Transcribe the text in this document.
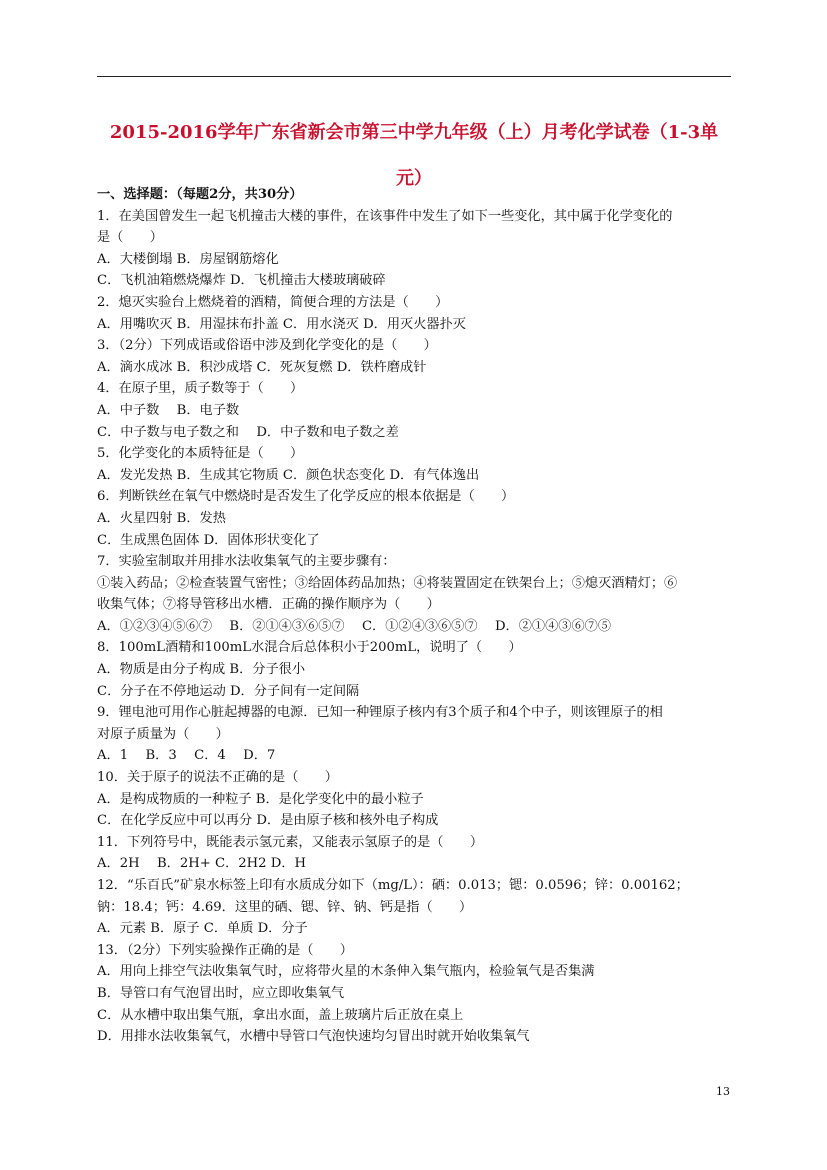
2015-2016学年广东省新会市第三中学九年级（上）月考化学试卷（1-3单元）
一、选择题：（每题2分，共30分）
1．在美国曾发生一起飞机撞击大楼的事件，在该事件中发生了如下一些变化，其中属于化学变化的
是（　　）
A．大楼倒塌 B．房屋钢筋熔化
C．飞机油箱燃烧爆炸 D．飞机撞击大楼玻璃破碎
2．熄灭实验台上燃烧着的酒精，简便合理的方法是（　　）
A．用嘴吹灭 B．用湿抹布扑盖 C．用水浇灭 D．用灭火器扑灭
3．（2分）下列成语或俗语中涉及到化学变化的是（　　）
A．滴水成冰 B．积沙成塔 C．死灰复燃 D．铁杵磨成针
4．在原子里，质子数等于（　　）
A．中子数　 B．电子数
C．中子数与电子数之和　 D．中子数和电子数之差
5．化学变化的本质特征是（　　）
A．发光发热 B．生成其它物质 C．颜色状态变化 D．有气体逸出
6．判断铁丝在氧气中燃烧时是否发生了化学反应的根本依据是（　　）
A．火星四射 B．发热
C．生成黑色固体 D．固体形状变化了
7．实验室制取并用排水法收集氧气的主要步骤有：
①装入药品；②检查装置气密性；③给固体药品加热；④将装置固定在铁架台上；⑤熄灭酒精灯；⑥
收集气体；⑦将导管移出水槽．正确的操作顺序为（　　）
A．①②③④⑤⑥⑦　 B．②①④③⑥⑤⑦　 C．①②④③⑥⑤⑦　 D．②①④③⑥⑦⑤
8．100mL酒精和100mL水混合后总体积小于200mL，说明了（　　）
A．物质是由分子构成 B．分子很小
C．分子在不停地运动 D．分子间有一定间隔
9．锂电池可用作心脏起搏器的电源．已知一种锂原子核内有3个质子和4个中子，则该锂原子的相
对原子质量为（　　）
A．1　 B．3　 C．4　 D．7
10．关于原子的说法不正确的是（　　）
A．是构成物质的一种粒子 B．是化学变化中的最小粒子
C．在化学反应中可以再分 D．是由原子核和核外电子构成
11．下列符号中，既能表示氢元素，又能表示氢原子的是（　　）
A．2H　 B．2H+ C．2H2 D．H
12．“乐百氏”矿泉水标签上印有水质成分如下（mg/L）：硒：0.013；锶：0.0596；锌：0.00162；
钠：18.4；钙：4.69．这里的硒、锶、锌、钠、钙是指（　　）
A．元素 B．原子 C．单质 D．分子
13．（2分）下列实验操作正确的是（　　）
A．用向上排空气法收集氧气时，应将带火星的木条伸入集气瓶内，检验氧气是否集满
B．导管口有气泡冒出时，应立即收集氧气
C．从水槽中取出集气瓶，拿出水面，盖上玻璃片后正放在桌上
D．用排水法收集氧气，水槽中导管口气泡快速均匀冒出时就开始收集氧气
13
